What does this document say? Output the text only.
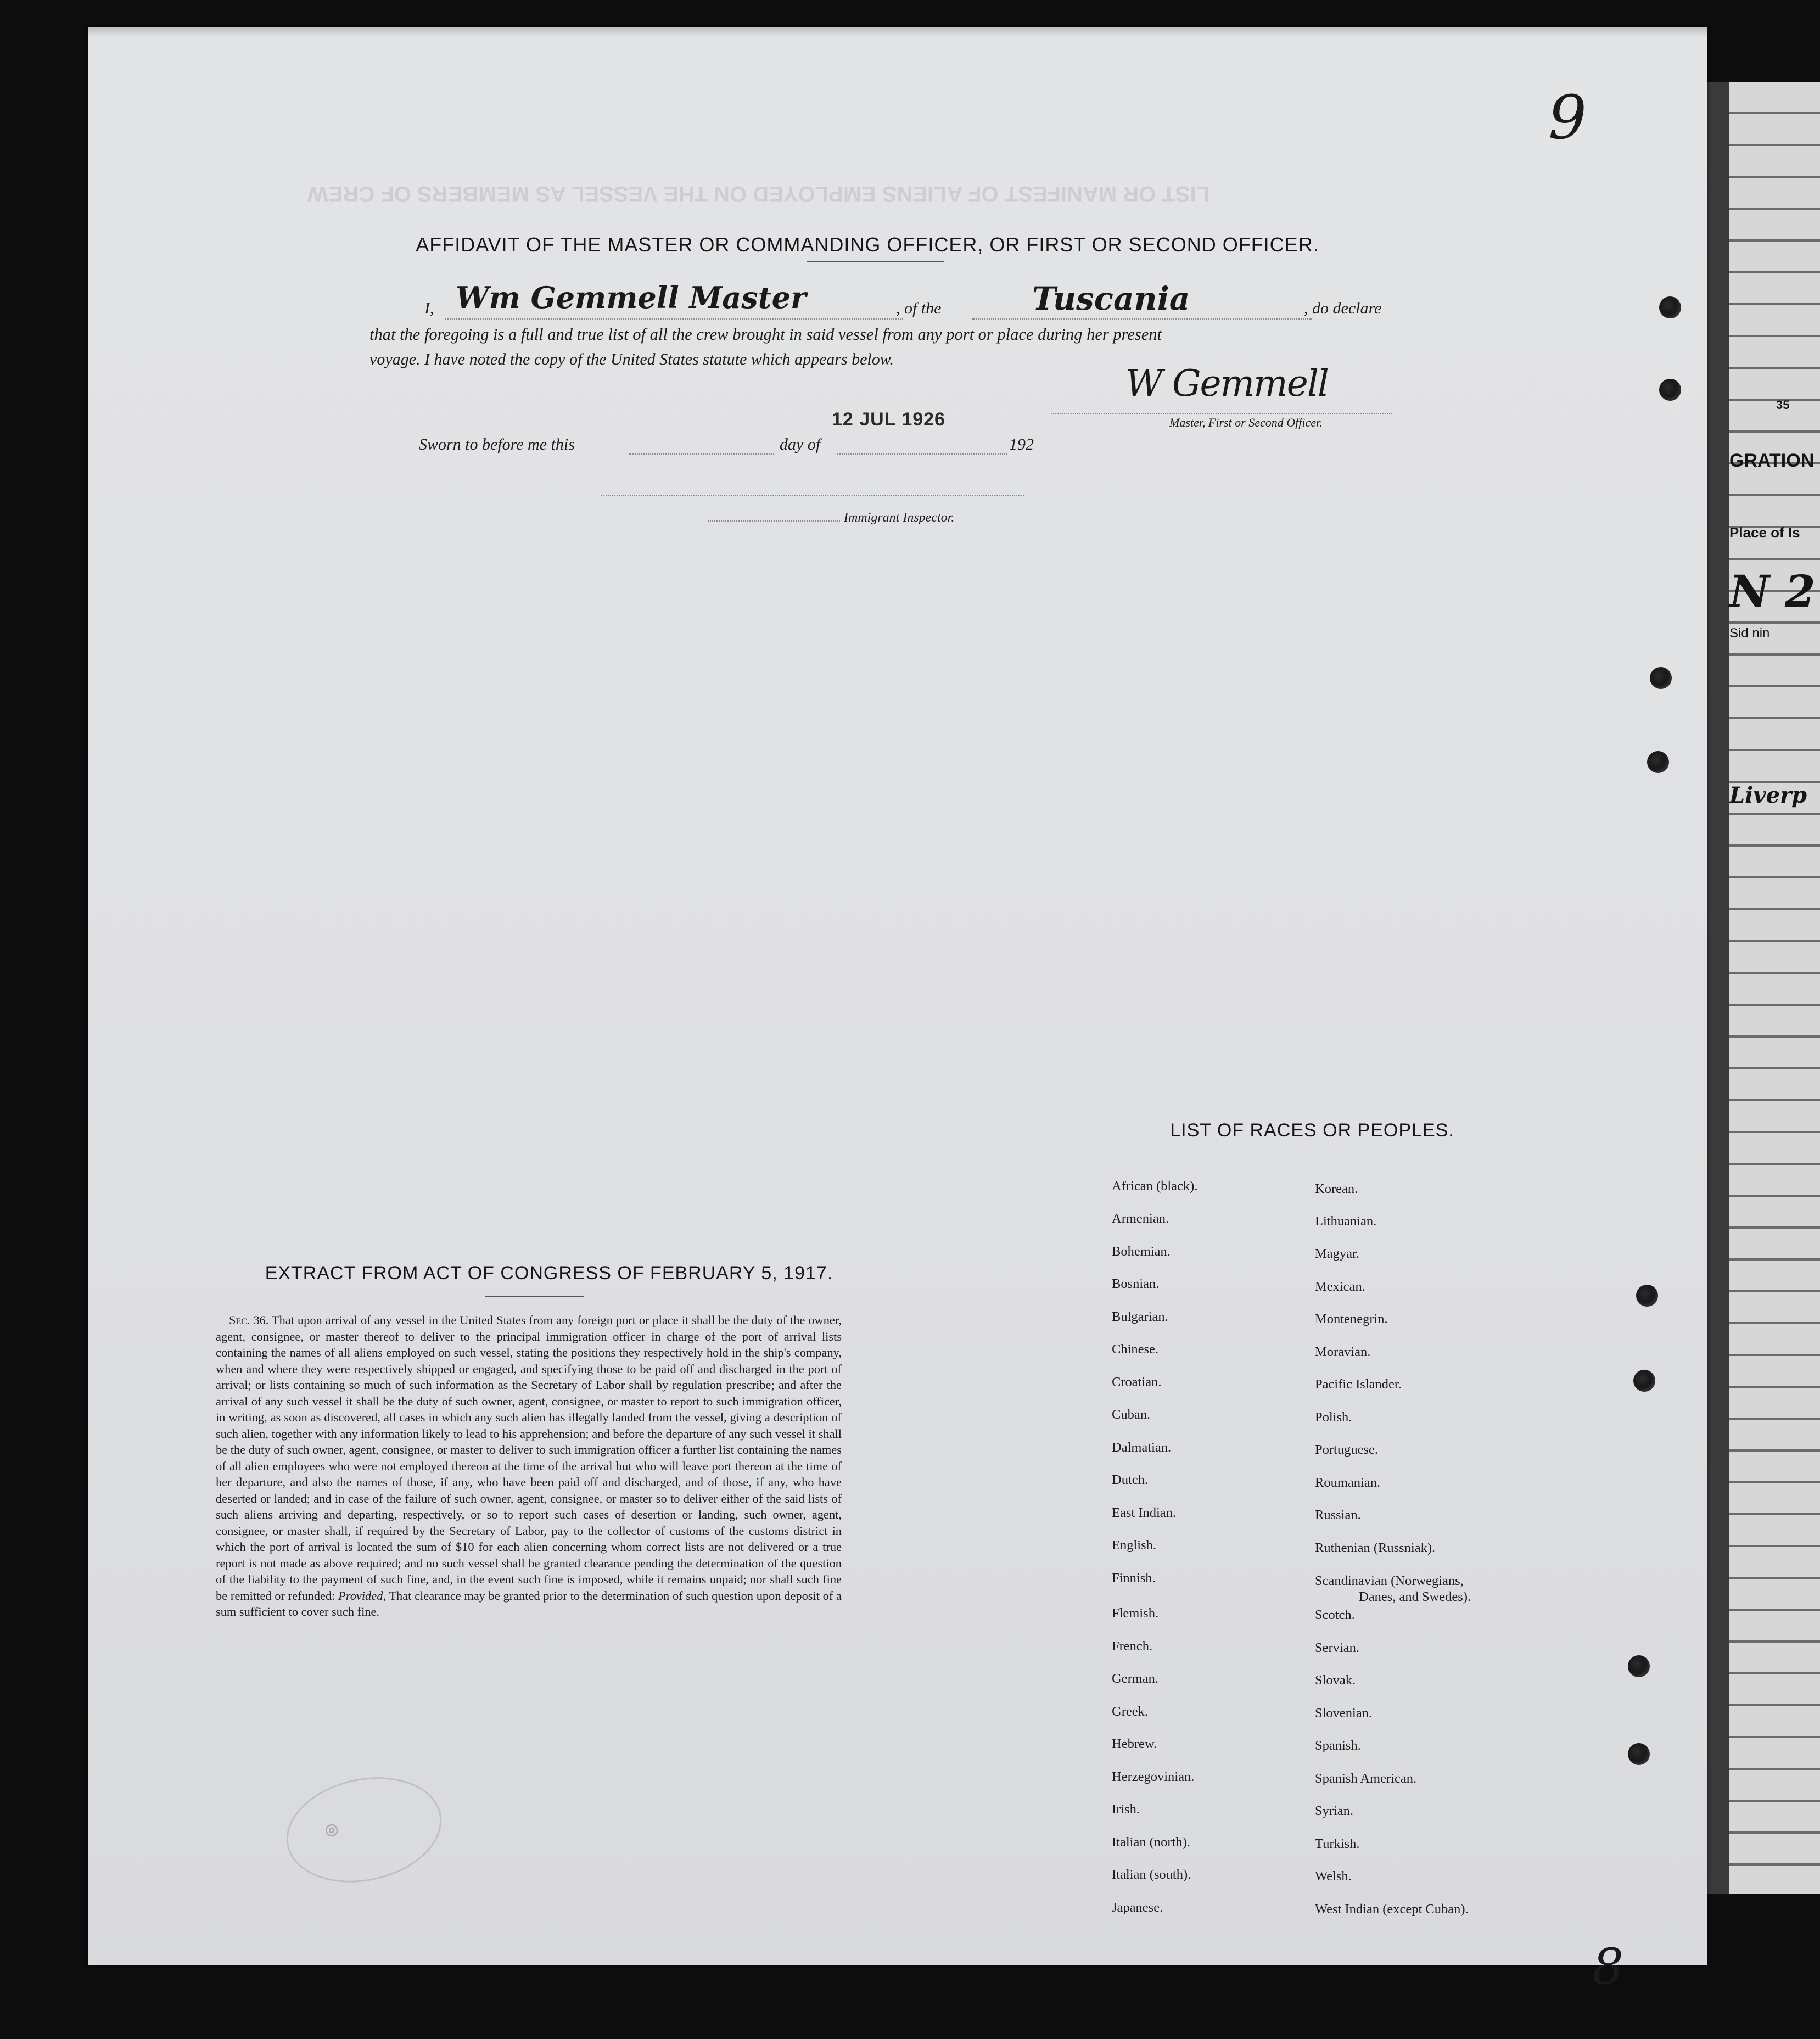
35
GRATION
Place of Is
N 2
Sid nin
Liverp
LIST OR MANIFEST OF ALIENS EMPLOYED ON THE VESSEL AS MEMBERS OF CREW
9
8
AFFIDAVIT OF THE MASTER OR COMMANDING OFFICER, OR FIRST OR SECOND OFFICER.
I, Wm Gemmell Master	, of the	Tuscania	, do declare
that the foregoing is a full and true list of all the crew brought in said vessel from any port or place during her present
voyage. I have noted the copy of the United States statute which appears below.
W Gemmell
Master, First or Second Officer.
12 JUL 1926
Sworn to before me this	day of	192
Immigrant Inspector.
EXTRACT FROM ACT OF CONGRESS OF FEBRUARY 5, 1917.
Sec. 36. That upon arrival of any vessel in the United States from any foreign port or place it shall be the duty of the owner, agent, consignee, or master thereof to deliver to the principal immigration officer in charge of the port of arrival lists containing the names of all aliens employed on such vessel, stating the positions they respectively hold in the ship's company, when and where they were respectively shipped or engaged, and specifying those to be paid off and discharged in the port of arrival; or lists containing so much of such information as the Secretary of Labor shall by regulation prescribe; and after the arrival of any such vessel it shall be the duty of such owner, agent, consignee, or master to report to such immigration officer, in writing, as soon as discovered, all cases in which any such alien has illegally landed from the vessel, giving a description of such alien, together with any information likely to lead to his apprehension; and before the departure of any such vessel it shall be the duty of such owner, agent, consignee, or master to deliver to such immigration officer a further list containing the names of all alien employees who were not employed thereon at the time of the arrival but who will leave port thereon at the time of her departure, and also the names of those, if any, who have been paid off and discharged, and of those, if any, who have deserted or landed; and in case of the failure of such owner, agent, consignee, or master so to deliver either of the said lists of such aliens arriving and departing, respectively, or so to report such cases of desertion or landing, such owner, agent, consignee, or master shall, if required by the Secretary of Labor, pay to the collector of customs of the customs district in which the port of arrival is located the sum of $10 for each alien concerning whom correct lists are not delivered or a true report is not made as above required; and no such vessel shall be granted clearance pending the determination of the question of the liability to the payment of such fine, and, in the event such fine is imposed, while it remains unpaid; nor shall such fine be remitted or refunded: Provided, That clearance may be granted prior to the determination of such question upon deposit of a sum sufficient to cover such fine.
◎
LIST OF RACES OR PEOPLES.
African (black).
Armenian.
Bohemian.
Bosnian.
Bulgarian.
Chinese.
Croatian.
Cuban.
Dalmatian.
Dutch.
East Indian.
English.
Finnish.
Flemish.
French.
German.
Greek.
Hebrew.
Herzegovinian.
Irish.
Italian (north).
Italian (south).
Japanese.
Korean.
Lithuanian.
Magyar.
Mexican.
Montenegrin.
Moravian.
Pacific Islander.
Polish.
Portuguese.
Roumanian.
Russian.
Ruthenian (Russniak).
Scandinavian (Norwegians,
Danes, and Swedes).
Scotch.
Servian.
Slovak.
Slovenian.
Spanish.
Spanish American.
Syrian.
Turkish.
Welsh.
West Indian (except Cuban).
